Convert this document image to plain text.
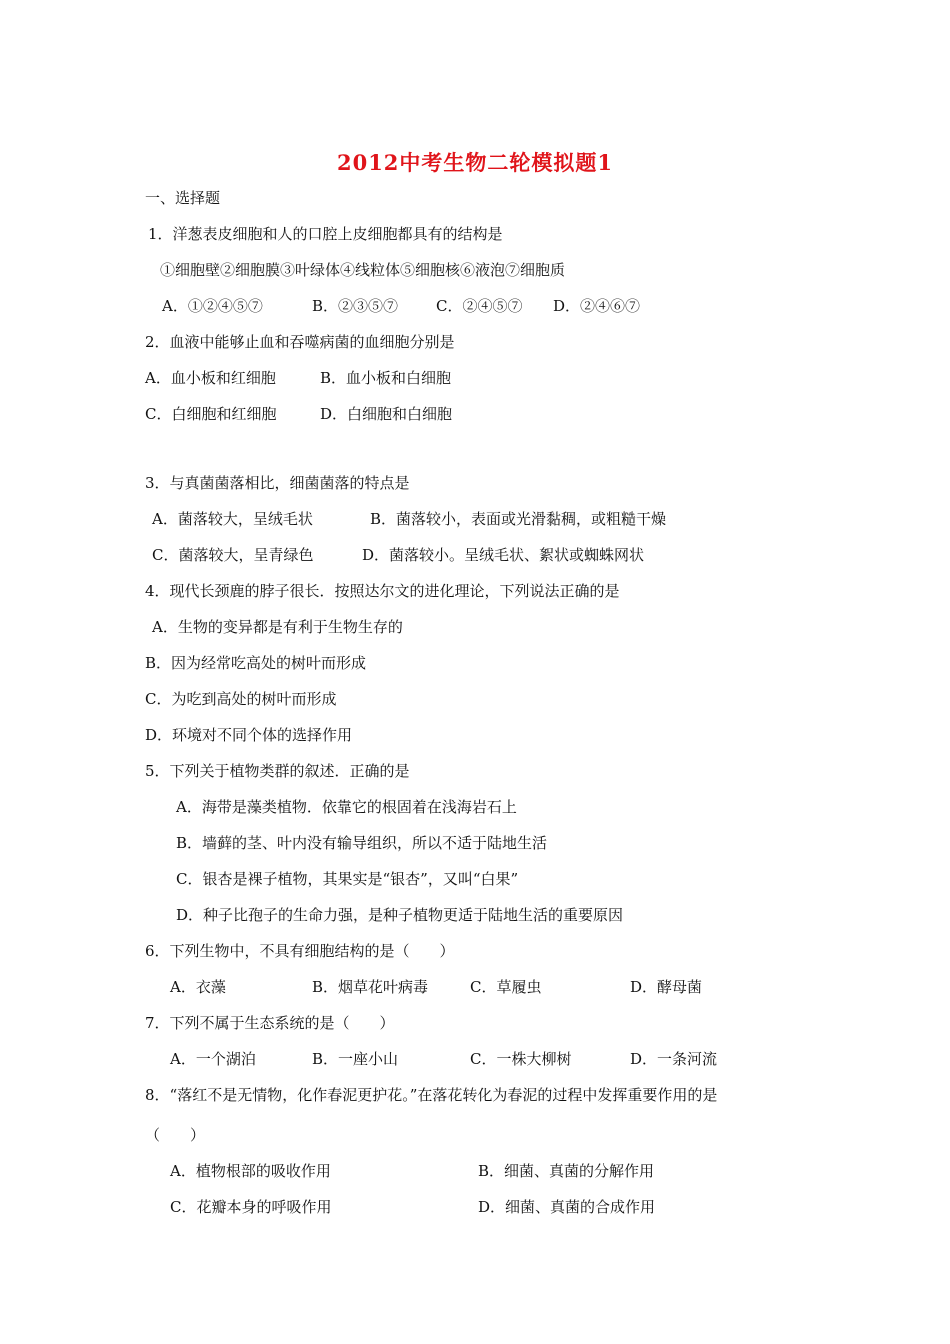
2012中考生物二轮模拟题1
一、选择题
1．洋葱表皮细胞和人的口腔上皮细胞都具有的结构是
①细胞壁②细胞膜③叶绿体④线粒体⑤细胞核⑥液泡⑦细胞质
A．①②④⑤⑦	B．②③⑤⑦	C．②④⑤⑦ D．②④⑥⑦
2．血液中能够止血和吞噬病菌的血细胞分别是
A．血小板和红细胞	B．血小板和白细胞
C．白细胞和红细胞	D．白细胞和白细胞
3．与真菌菌落相比，细菌菌落的特点是
A．菌落较大，呈绒毛状	B．菌落较小，表面或光滑黏稠，或粗糙干燥
C．菌落较大，呈青绿色	D．菌落较小。呈绒毛状、絮状或蜘蛛网状
4．现代长颈鹿的脖子很长．按照达尔文的进化理论，下列说法正确的是
A．生物的变异都是有利于生物生存的
B．因为经常吃高处的树叶而形成
C．为吃到高处的树叶而形成
D．环境对不同个体的选择作用
5．下列关于植物类群的叙述．正确的是
A．海带是藻类植物．依靠它的根固着在浅海岩石上
B．墙藓的茎、叶内没有输导组织，所以不适于陆地生活
C．银杏是裸子植物，其果实是“银杏”，又叫“白果”
D．种子比孢子的生命力强，是种子植物更适于陆地生活的重要原因
6．下列生物中，不具有细胞结构的是（　　）
A．衣藻	B．烟草花叶病毒	C．草履虫	D．酵母菌
7．下列不属于生态系统的是（　　）
A．一个湖泊	B．一座小山	C．一株大柳树	D．一条河流
8．“落红不是无情物，化作春泥更护花。”在落花转化为春泥的过程中发挥重要作用的是
（　　）
A．植物根部的吸收作用	B．细菌、真菌的分解作用
C．花瓣本身的呼吸作用	D．细菌、真菌的合成作用
